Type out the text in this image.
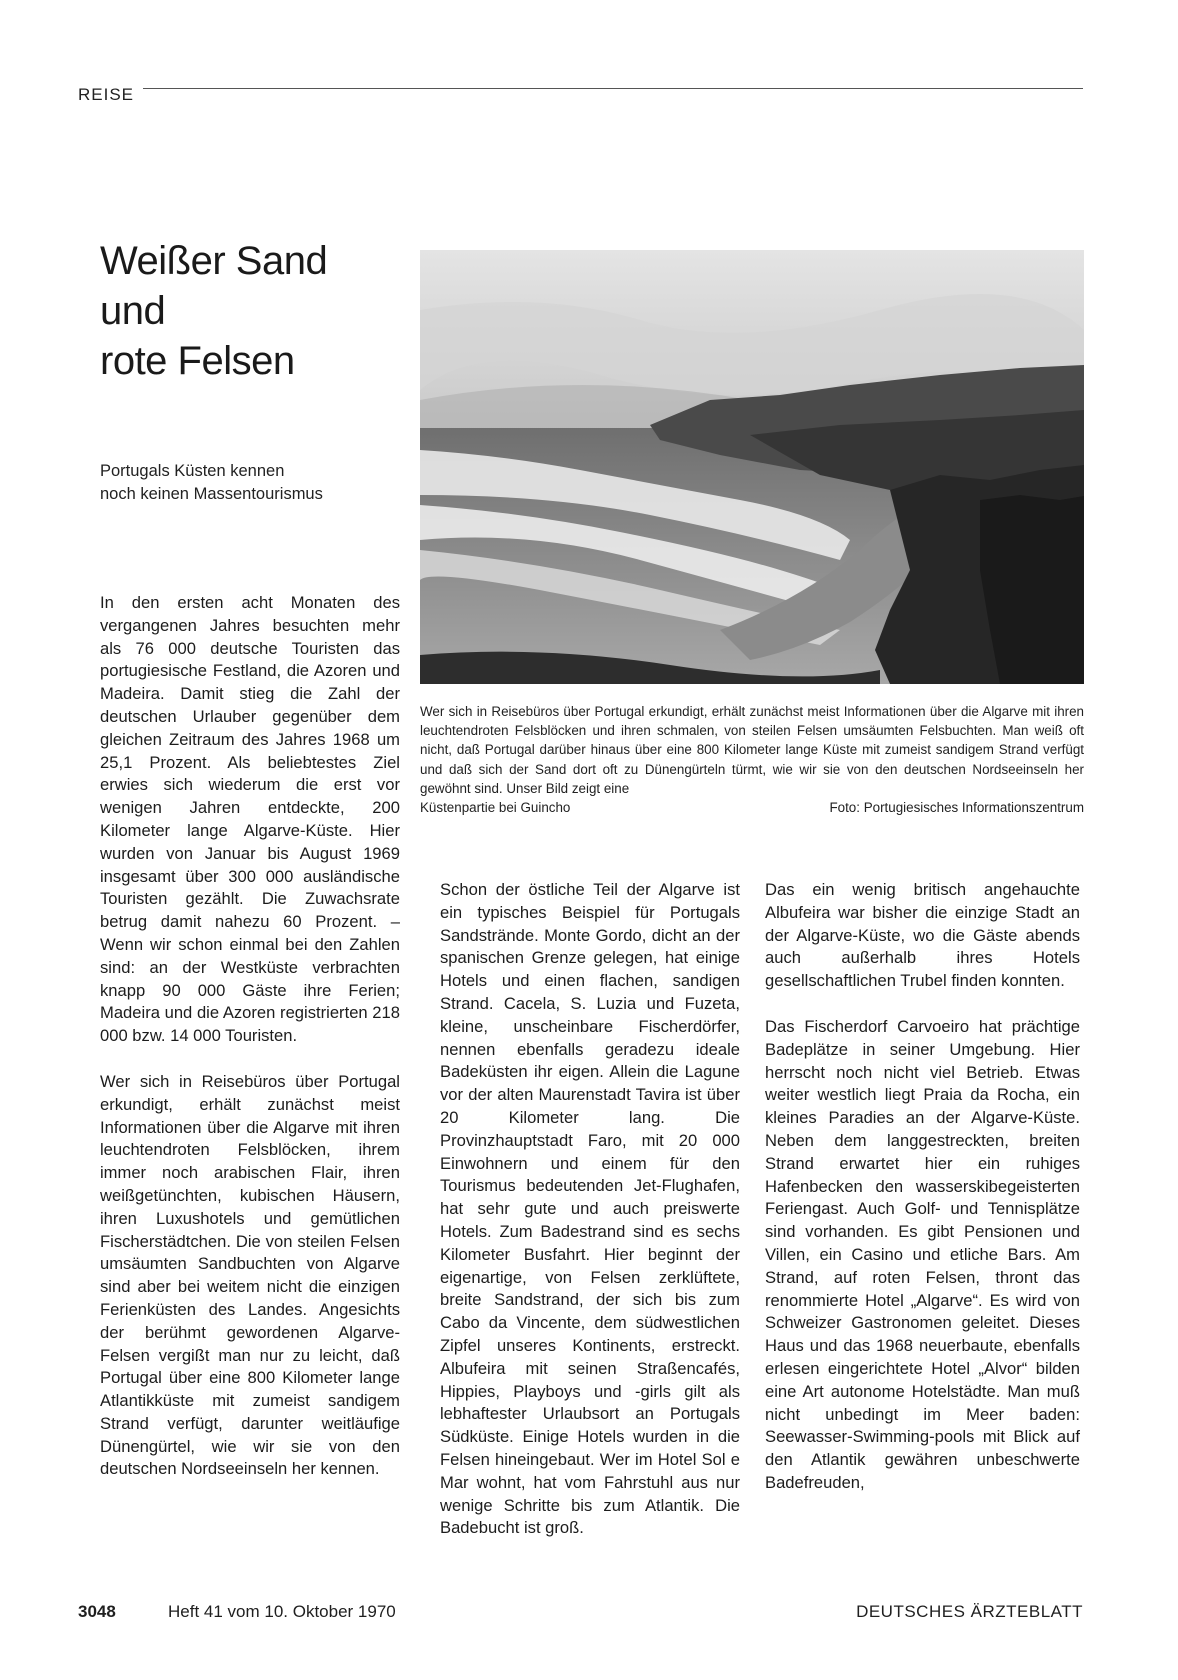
REISE
Weißer Sand
und
rote Felsen
Portugals Küsten kennen
noch keinen Massentourismus
Wer sich in Reisebüros über Portugal erkundigt, erhält zunächst meist Informationen über die Algarve mit ihren leuchtendroten Felsblöcken und ihren schmalen, von steilen Felsen umsäumten Felsbuchten. Man weiß oft nicht, daß Portugal darüber hinaus über eine 800 Kilometer lange Küste mit zumeist sandigem Strand verfügt und daß sich der Sand dort oft zu Dünengürteln türmt, wie wir sie von den deutschen Nordseeinseln her gewöhnt sind. Unser Bild zeigt eine
Küstenpartie bei Guincho	Foto: Portugiesisches Informationszentrum

In den ersten acht Monaten des vergangenen Jahres besuchten mehr als 76 000 deutsche Touristen das portugiesische Festland, die Azoren und Madeira. Damit stieg die Zahl der deutschen Urlauber gegenüber dem gleichen Zeitraum des Jahres 1968 um 25,1 Prozent. Als beliebtestes Ziel erwies sich wiederum die erst vor wenigen Jahren entdeckte, 200 Kilometer lange Algarve-Küste. Hier wurden von Januar bis August 1969 insgesamt über 300 000 ausländische Touristen gezählt. Die Zuwachsrate betrug damit nahezu 60 Prozent. – Wenn wir schon einmal bei den Zahlen sind: an der Westküste verbrachten knapp 90 000 Gäste ihre Ferien; Madeira und die Azoren registrierten 218 000 bzw. 14 000 Touristen.

Wer sich in Reisebüros über Portugal erkundigt, erhält zunächst meist Informationen über die Algarve mit ihren leuchtendroten Felsblöcken, ihrem immer noch arabischen Flair, ihren weißgetünchten, kubischen Häusern, ihren Luxushotels und gemütlichen Fischerstädtchen. Die von steilen Felsen umsäumten Sandbuchten von Algarve sind aber bei weitem nicht die einzigen Ferienküsten des Landes. Angesichts der berühmt gewordenen Algarve-Felsen vergißt man nur zu leicht, daß Portugal über eine 800 Kilometer lange Atlantikküste mit zumeist sandigem Strand verfügt, darunter weitläufige Dünengürtel, wie wir sie von den deutschen Nordseeinseln her kennen.

Schon der östliche Teil der Algarve ist ein typisches Beispiel für Portugals Sandstrände. Monte Gordo, dicht an der spanischen Grenze gelegen, hat einige Hotels und einen flachen, sandigen Strand. Cacela, S. Luzia und Fuzeta, kleine, unscheinbare Fischerdörfer, nennen ebenfalls geradezu ideale Badeküsten ihr eigen. Allein die Lagune vor der alten Maurenstadt Tavira ist über 20 Kilometer lang. Die Provinzhauptstadt Faro, mit 20 000 Einwohnern und einem für den Tourismus bedeutenden Jet-Flughafen, hat sehr gute und auch preiswerte Hotels. Zum Badestrand sind es sechs Kilometer Busfahrt. Hier beginnt der eigenartige, von Felsen zerklüftete, breite Sandstrand, der sich bis zum Cabo da Vincente, dem südwestlichen Zipfel unseres Kontinents, erstreckt. Albufeira mit seinen Straßencafés, Hippies, Playboys und -girls gilt als lebhaftester Urlaubsort an Portugals Südküste. Einige Hotels wurden in die Felsen hineingebaut. Wer im Hotel Sol e Mar wohnt, hat vom Fahrstuhl aus nur wenige Schritte bis zum Atlantik. Die Badebucht ist groß.

Das ein wenig britisch angehauchte Albufeira war bisher die einzige Stadt an der Algarve-Küste, wo die Gäste abends auch außerhalb ihres Hotels gesellschaftlichen Trubel finden konnten.

Das Fischerdorf Carvoeiro hat prächtige Badeplätze in seiner Umgebung. Hier herrscht noch nicht viel Betrieb. Etwas weiter westlich liegt Praia da Rocha, ein kleines Paradies an der Algarve-Küste. Neben dem langgestreckten, breiten Strand erwartet hier ein ruhiges Hafenbecken den wasserskibegeisterten Feriengast. Auch Golf- und Tennisplätze sind vorhanden. Es gibt Pensionen und Villen, ein Casino und etliche Bars. Am Strand, auf roten Felsen, thront das renommierte Hotel „Algarve“. Es wird von Schweizer Gastronomen geleitet. Dieses Haus und das 1968 neuerbaute, ebenfalls erlesen eingerichtete Hotel „Alvor“ bilden eine Art autonome Hotelstädte. Man muß nicht unbedingt im Meer baden: Seewasser-Swimming-pools mit Blick auf den Atlantik gewähren unbeschwerte Badefreuden,

3048	Heft 41 vom 10. Oktober 1970	DEUTSCHES ÄRZTEBLATT
